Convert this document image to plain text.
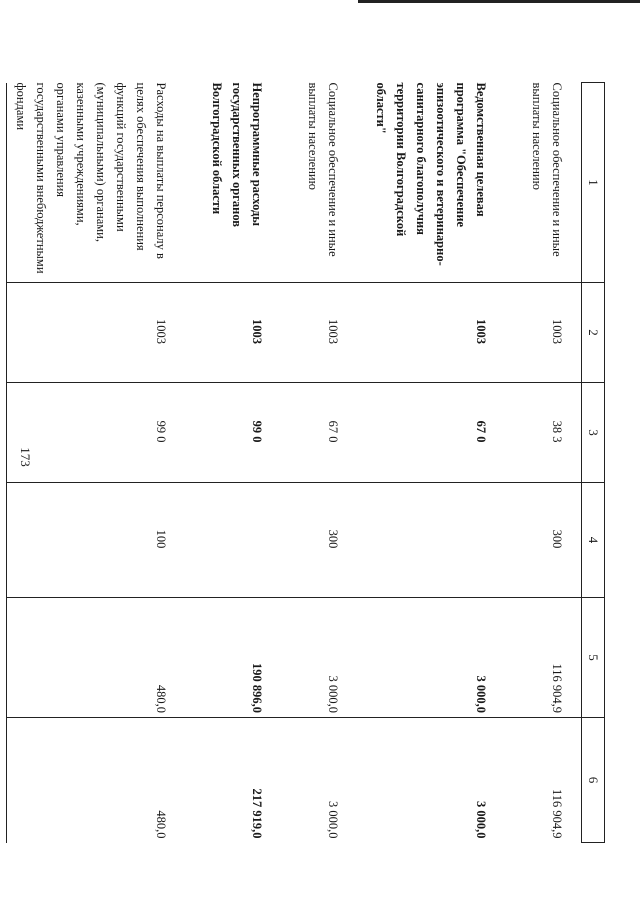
173
1	2	3	4	5	6
Социальное обеспечение и иные выплаты населению	1003	38 3	300	116 904,9	116 904,9
Ведомственная целевая программа "Обеспечение эпизоотического и ветеринарно-санитарного благополучия территории Волгоградской области"	1003	67 0		3 000,0	3 000,0
Социальное обеспечение и иные выплаты населению	1003	67 0	300	3 000,0	3 000,0
Непрограммные расходы государственных органов Волгоградской области	1003	99 0		190 896,0	217 919,0
Расходы на выплаты персоналу в целях обеспечения выполнения функций государственными (муниципальными) органами, казенными учреждениями, органами управления государственными внебюджетными фондами	1003	99 0	100	480,0	480,0
